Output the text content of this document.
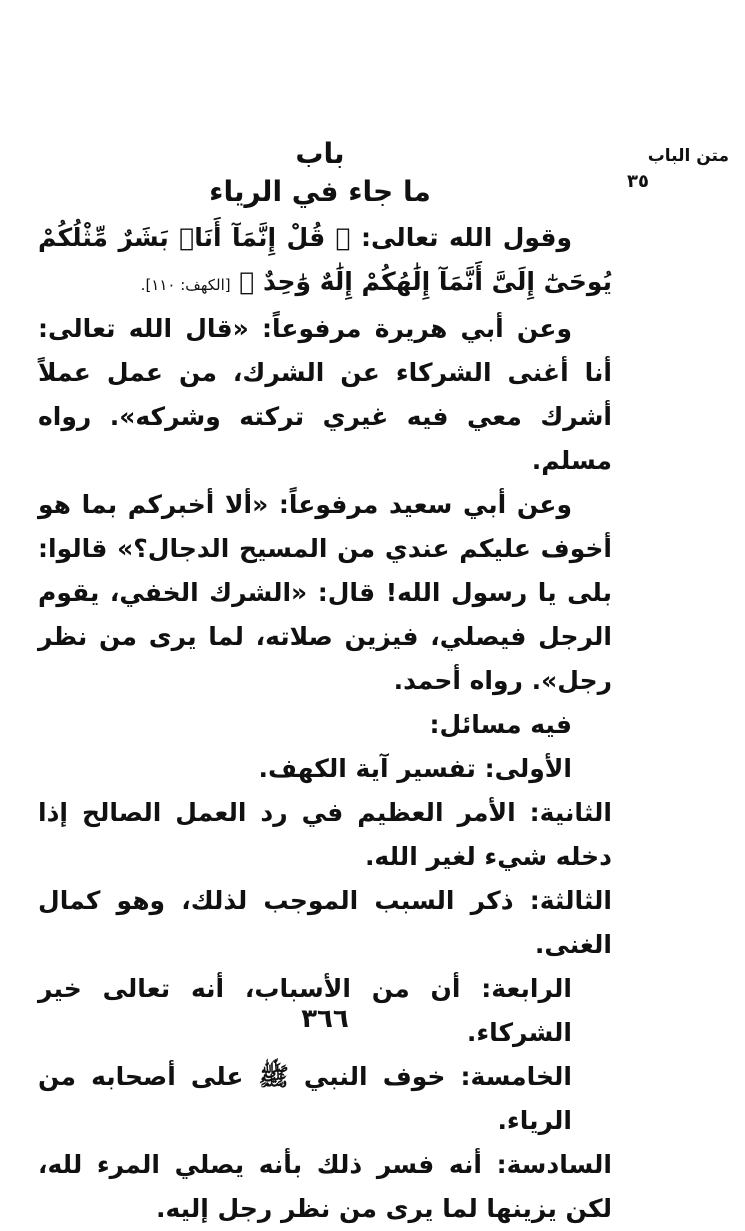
متن الباب
٣٥
باب
ما جاء في الرياء

وقول الله تعالى: ﴿ قُلْ إِنَّمَآ أَنَا۠ بَشَرٌ مِّثْلُكُمْ يُوحَىٰٓ إِلَىَّ أَنَّمَآ إِلَٰهُكُمْ إِلَٰهٌ وَٰحِدٌ ﴾ [الكهف: ١١٠].

وعن أبي هريرة مرفوعاً: «قال الله تعالى: أنا أغنى الشركاء عن الشرك، من عمل عملاً أشرك معي فيه غيري تركته وشركه». رواه مسلم.

وعن أبي سعيد مرفوعاً: «ألا أخبركم بما هو أخوف عليكم عندي من المسيح الدجال؟» قالوا: بلى يا رسول الله! قال: «الشرك الخفي، يقوم الرجل فيصلي، فيزين صلاته، لما يرى من نظر رجل». رواه أحمد.

فيه مسائل:

الأولى: تفسير آية الكهف.

الثانية: الأمر العظيم في رد العمل الصالح إذا دخله شيء لغير الله.

الثالثة: ذكر السبب الموجب لذلك، وهو كمال الغنى.

الرابعة: أن من الأسباب، أنه تعالى خير الشركاء.

الخامسة: خوف النبي ﷺ على أصحابه من الرياء.

السادسة: أنه فسر ذلك بأنه يصلي المرء لله، لكن يزينها لما يرى من نظر رجل إليه.

٣٦٦
